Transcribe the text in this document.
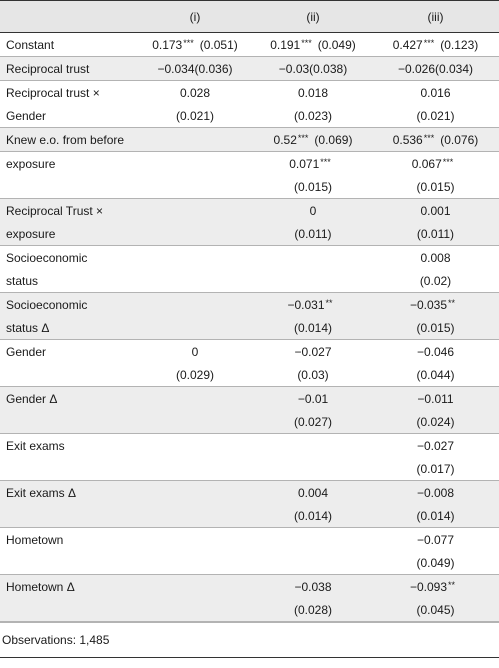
	(i)	(ii)	(iii)
Constant	0.173*** (0.051)	0.191*** (0.049)	0.427*** (0.123)
Reciprocal trust	−0.034(0.036)	−0.03(0.038)	−0.026(0.034)
Reciprocal trust ×	0.028	0.018	0.016
Gender	(0.021)	(0.023)	(0.021)
Knew e.o. from before		0.52*** (0.069)	0.536*** (0.076)
exposure		0.071***	0.067***
		(0.015)	(0.015)
Reciprocal Trust ×		0	0.001
exposure		(0.011)	(0.011)
Socioeconomic			0.008
status			(0.02)
Socioeconomic		−0.031**	−0.035**
status Δ		(0.014)	(0.015)
Gender	0	−0.027	−0.046
	(0.029)	(0.03)	(0.044)
Gender Δ		−0.01	−0.011
		(0.027)	(0.024)
Exit exams			−0.027
			(0.017)
Exit exams Δ		0.004	−0.008
		(0.014)	(0.014)
Hometown			−0.077
			(0.049)
Hometown Δ		−0.038	−0.093**
		(0.028)	(0.045)
Observations: 1,485
